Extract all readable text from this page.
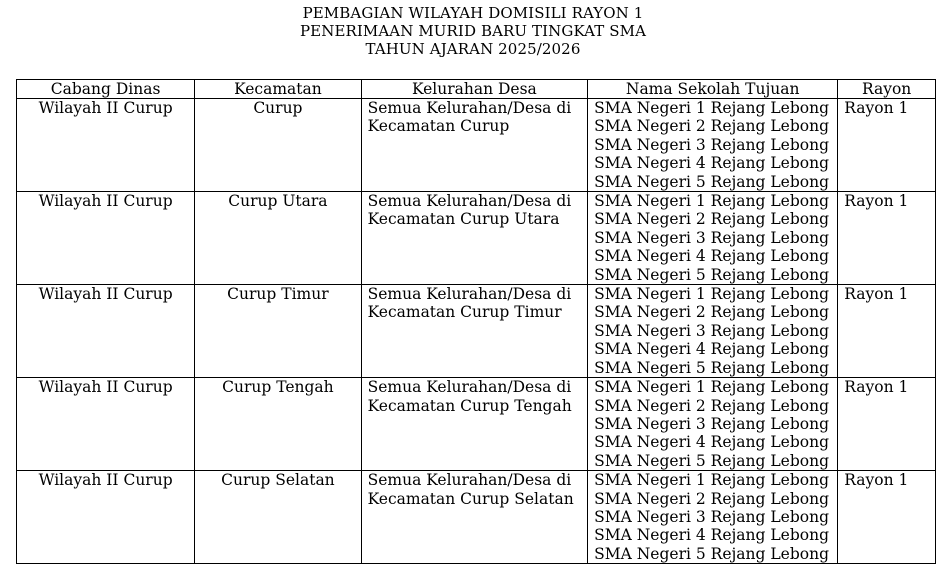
PEMBAGIAN WILAYAH DOMISILI RAYON 1
PENERIMAAN MURID BARU TINGKAT SMA
TAHUN AJARAN 2025/2026
Cabang Dinas	Kecamatan	Kelurahan Desa	Nama Sekolah Tujuan	Rayon
Wilayah II Curup	Curup	Semua Kelurahan/Desa di Kecamatan Curup	SMA Negeri 1 Rejang Lebong
SMA Negeri 2 Rejang Lebong
SMA Negeri 3 Rejang Lebong
SMA Negeri 4 Rejang Lebong
SMA Negeri 5 Rejang Lebong	Rayon 1
Wilayah II Curup	Curup Utara	Semua Kelurahan/Desa di Kecamatan Curup Utara	SMA Negeri 1 Rejang Lebong
SMA Negeri 2 Rejang Lebong
SMA Negeri 3 Rejang Lebong
SMA Negeri 4 Rejang Lebong
SMA Negeri 5 Rejang Lebong	Rayon 1
Wilayah II Curup	Curup Timur	Semua Kelurahan/Desa di Kecamatan Curup Timur	SMA Negeri 1 Rejang Lebong
SMA Negeri 2 Rejang Lebong
SMA Negeri 3 Rejang Lebong
SMA Negeri 4 Rejang Lebong
SMA Negeri 5 Rejang Lebong	Rayon 1
Wilayah II Curup	Curup Tengah	Semua Kelurahan/Desa di Kecamatan Curup Tengah	SMA Negeri 1 Rejang Lebong
SMA Negeri 2 Rejang Lebong
SMA Negeri 3 Rejang Lebong
SMA Negeri 4 Rejang Lebong
SMA Negeri 5 Rejang Lebong	Rayon 1
Wilayah II Curup	Curup Selatan	Semua Kelurahan/Desa di Kecamatan Curup Selatan	SMA Negeri 1 Rejang Lebong
SMA Negeri 2 Rejang Lebong
SMA Negeri 3 Rejang Lebong
SMA Negeri 4 Rejang Lebong
SMA Negeri 5 Rejang Lebong	Rayon 1
